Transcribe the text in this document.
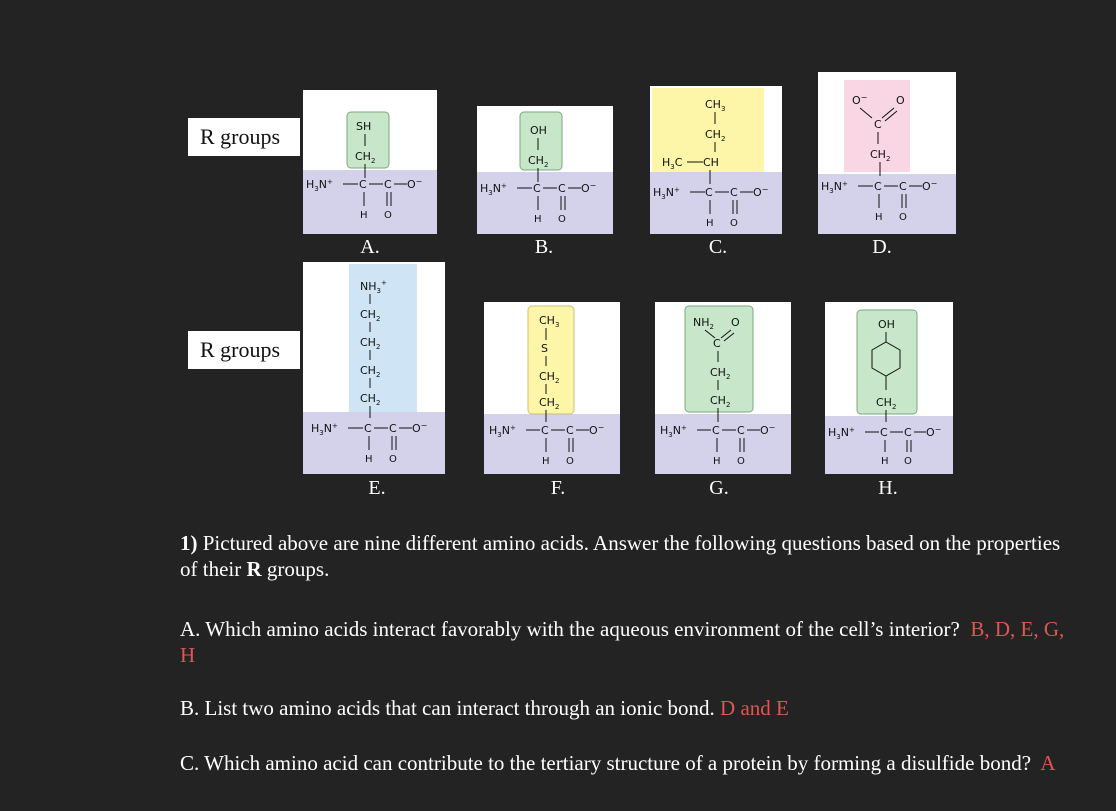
R groups
R groups
SH
$CH_2$
$H_3N^+$ C C O−
H O
A.
OH
$CH_2$
$H_3N^+$ C C O−
H O
B.
$CH_3$
$CH_2$
$H_3C$ CH
$H_3N^+$ C C O−
H O
C.
O−	O
C
$CH_2$
$H_3N^+$ C C O−
H O
D.
$NH_3^+$
$CH_2$
$CH_2$
$CH_2$
$CH_2$
$H_3N^+$ C C O−
H O
E.
$CH_3$
S
$CH_2$
$CH_2$
$H_3N^+$ C C O−
H O
F.
$NH_2$ O
C
$CH_2$
$CH_2$
$H_3N^+$ C C O−
H O
G.
OH
$CH_2$
$H_3N^+$ C C O−
H O
H.
1) Pictured above are nine different amino acids. Answer the following questions based on the properties of their R groups.
A. Which amino acids interact favorably with the aqueous environment of the cell’s interior? B, D, E, G, H
B. List two amino acids that can interact through an ionic bond. D and E
C. Which amino acid can contribute to the tertiary structure of a protein by forming a disulfide bond? A
